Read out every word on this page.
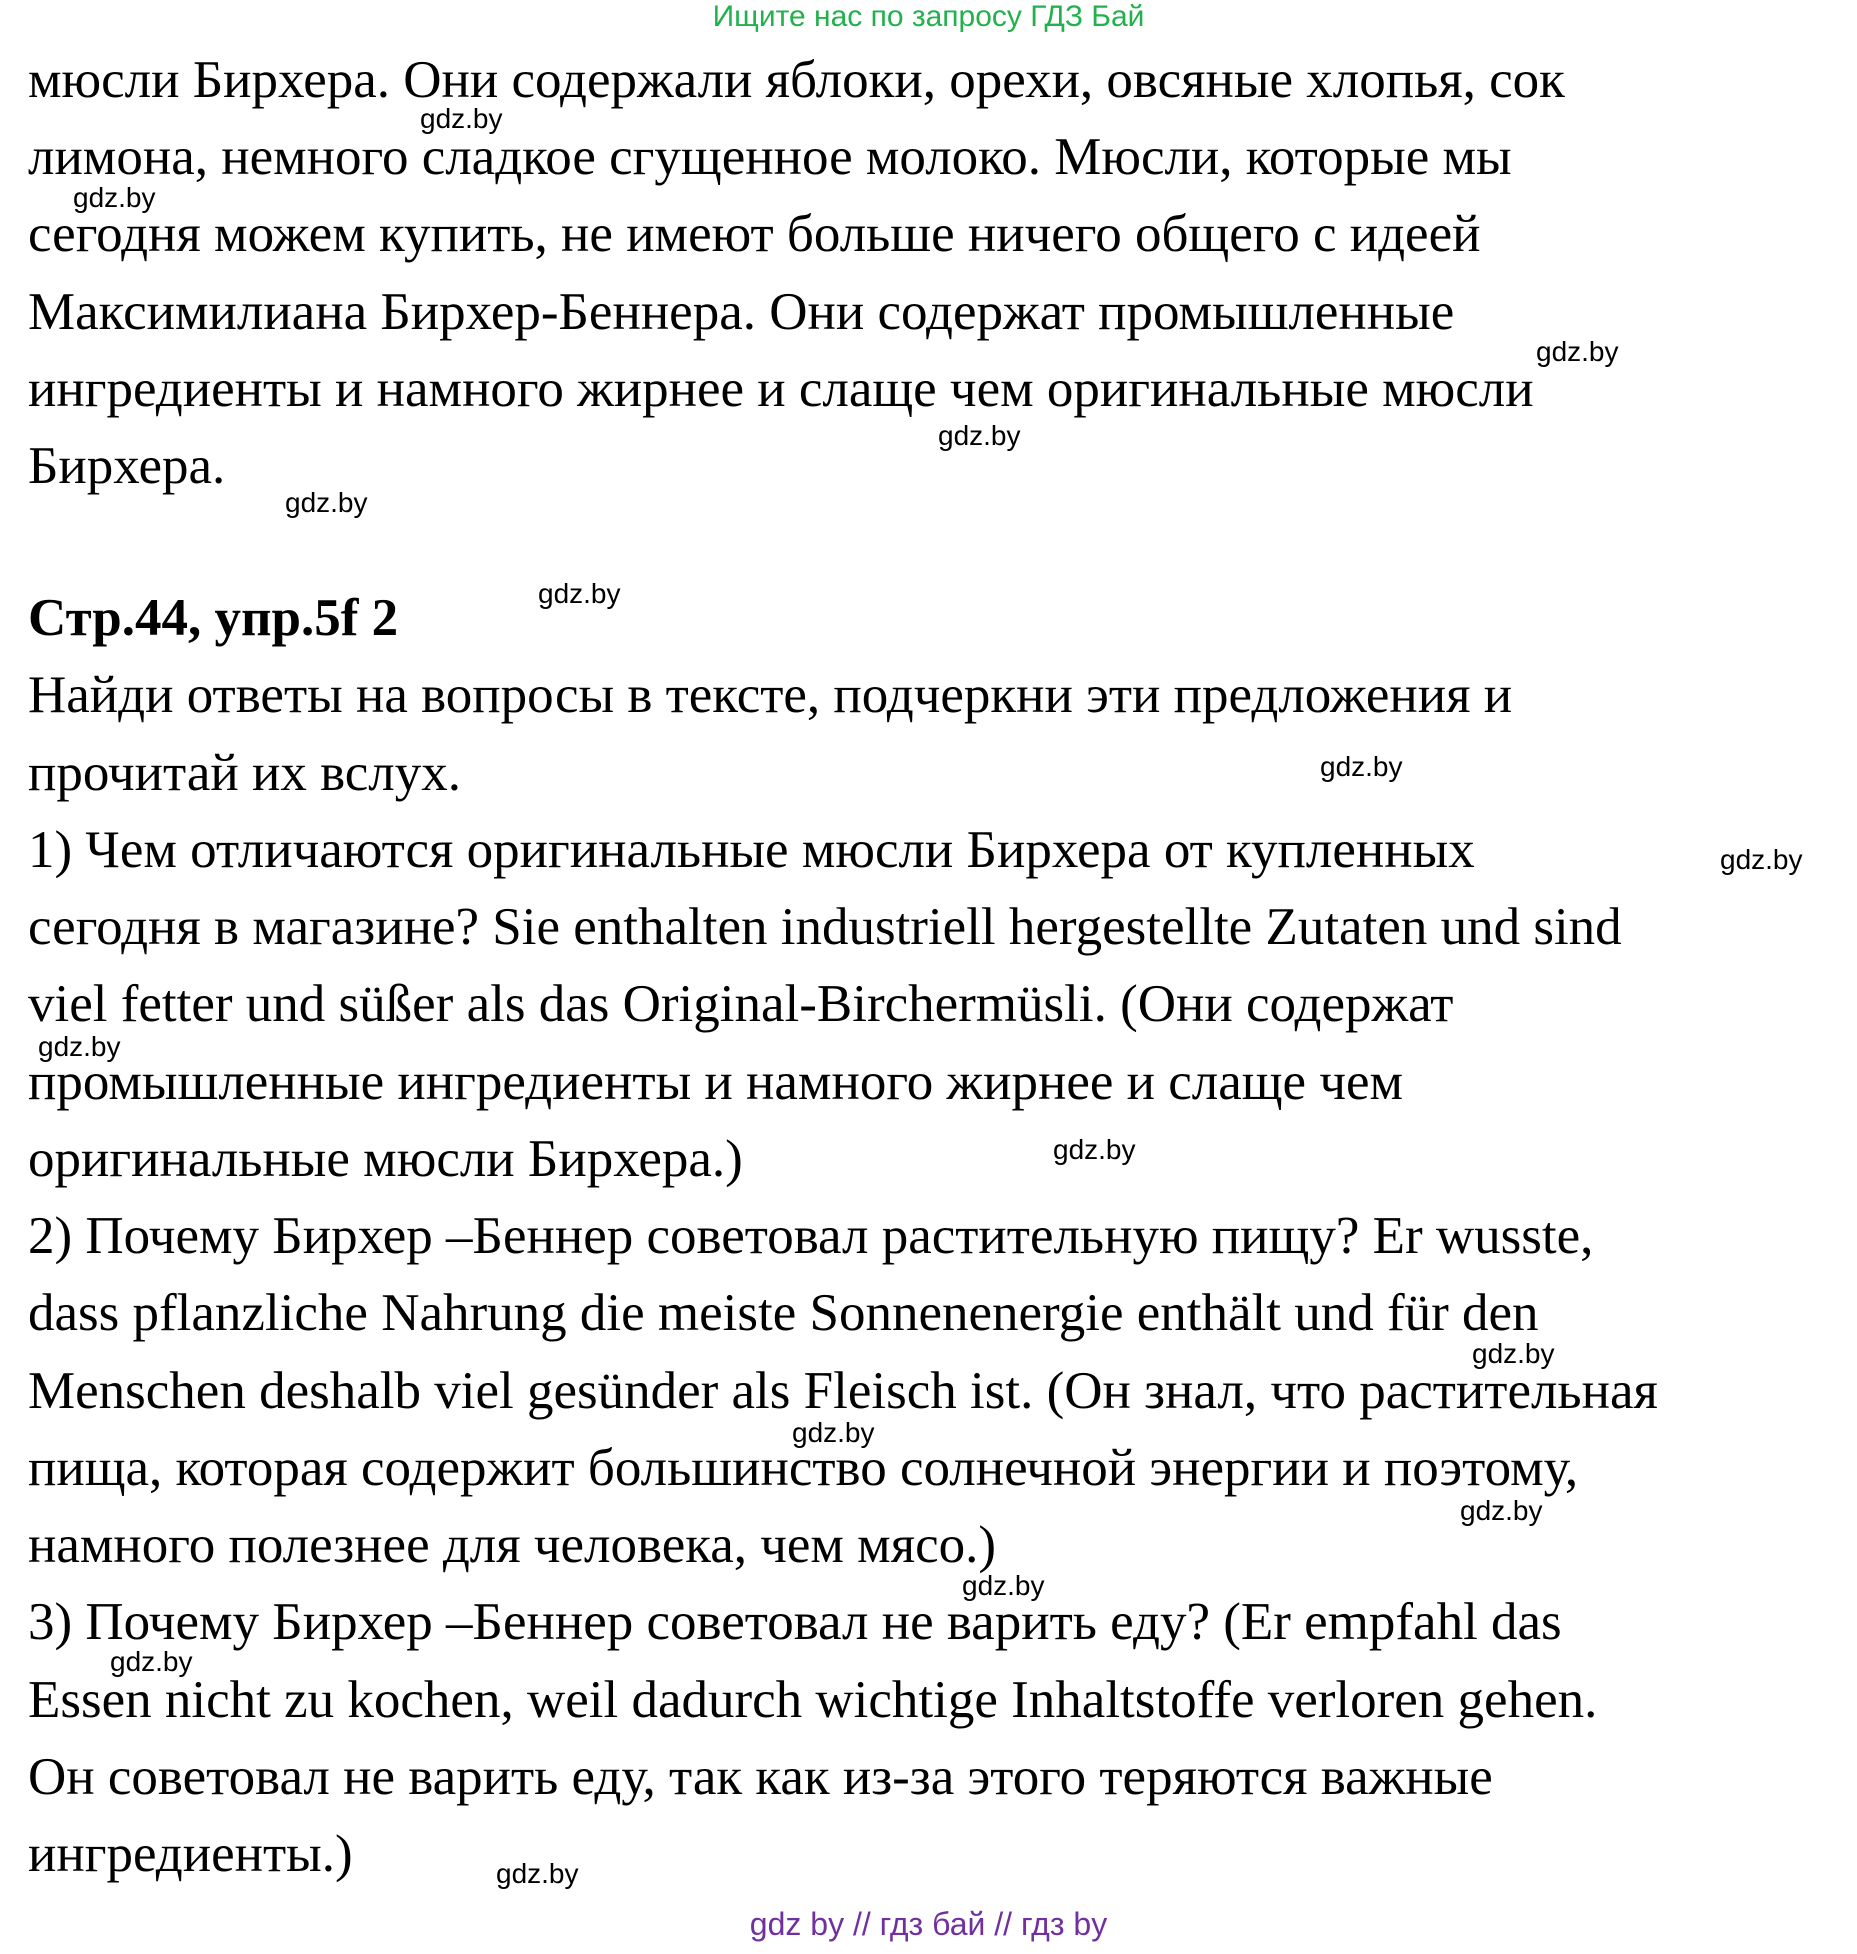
Ищите нас по запросу ГДЗ Бай
мюсли Бирхера. Они содержали яблоки, орехи, овсяные хлопья, сок
лимона, немного сладкое сгущенное молоко. Мюсли, которые мы
сегодня можем купить, не имеют больше ничего общего с идеей
Максимилиана Бирхер-Беннера. Они содержат промышленные
ингредиенты и намного жирнее и слаще чем оригинальные мюсли
Бирхера.
Стр.44, упр.5f 2
Найди ответы на вопросы в тексте, подчеркни эти предложения и
прочитай их вслух.
1) Чем отличаются оригинальные мюсли Бирхера от купленных
сегодня в магазине? Sie enthalten industriell hergestellte Zutaten und sind
viel fetter und süßer als das Original-Birchermüsli. (Они содержат
промышленные ингредиенты и намного жирнее и слаще чем
оригинальные мюсли Бирхера.)
2) Почему Бирхер –Беннер советовал растительную пищу? Er wusste,
dass pflanzliche Nahrung die meiste Sonnenenergie enthält und für den
Menschen deshalb viel gesünder als Fleisch ist. (Он знал, что растительная
пища, которая содержит большинство солнечной энергии и поэтому,
намного полезнее для человека, чем мясо.)
3) Почему Бирхер –Беннер советовал не варить еду? (Er empfahl das
Essen nicht zu kochen, weil dadurch wichtige Inhaltstoffe verloren gehen.
Он советовал не варить еду, так как из-за этого теряются важные
ингредиенты.)
gdz.by
gdz.by
gdz.by
gdz.by
gdz.by
gdz.by
gdz.by
gdz.by
gdz.by
gdz.by
gdz.by
gdz.by
gdz.by
gdz.by
gdz.by
gdz.by
gdz by // гдз бай // гдз by
